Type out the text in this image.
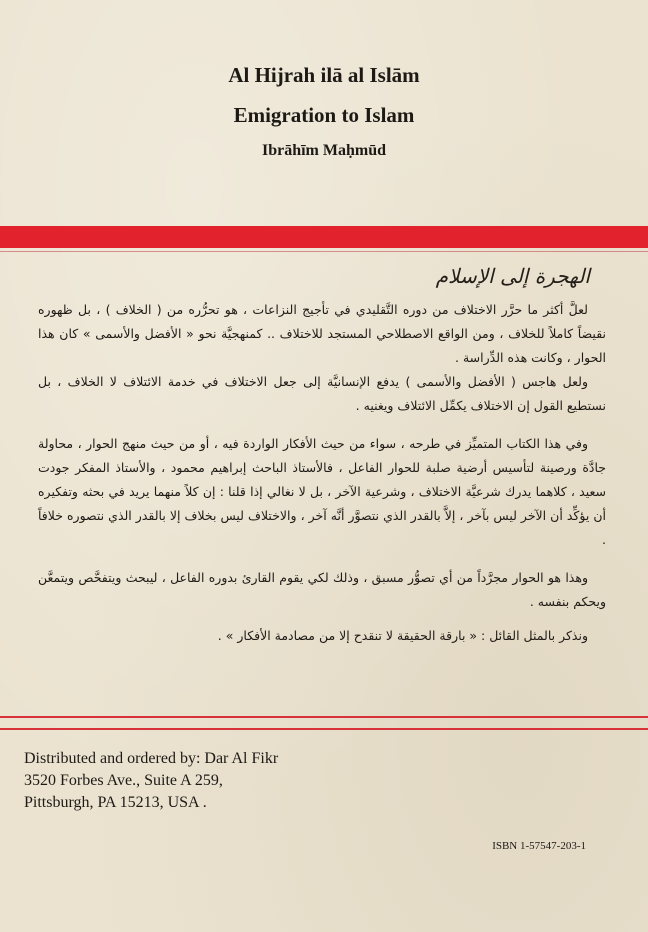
Al Hijrah ilā al Islām
Emigration to Islam
Ibrāhīm Maḥmūd
الهجرة إلى الإسلام

لعلَّ أكثر ما حرَّر الاختلاف من دوره التَّقليدي في تأجيج النزاعات ، هو تحرُّره من ( الخلاف ) ، بل ظهوره نقيضاً كاملاً للخلاف ، ومن الواقع الاصطلاحي المستجد للاختلاف .. كمنهجيَّة نحو « الأفضل والأسمى » كان هذا الحوار ، وكانت هذه الدِّراسة .

ولعل هاجس ( الأفضل والأسمى ) يدفع الإنسانيَّة إلى جعل الاختلاف في خدمة الائتلاف لا الخلاف ، بل نستطيع القول إن الاختلاف يكمِّل الائتلاف ويغنيه .

وفي هذا الكتاب المتميِّز في طرحه ، سواء من حيث الأفكار الواردة فيه ، أو من حيث منهج الحوار ، محاولة جادَّة ورصينة لتأسيس أرضية صلبة للحوار الفاعل ، فالأستاذ الباحث إبراهيم محمود ، والأستاذ المفكر جودت سعيد ، كلاهما يدرك شرعيَّة الاختلاف ، وشرعية الآخر ، بل لا نغالي إذا قلنا : إن كلاً منهما يريد في بحثه وتفكيره أن يؤكِّد أن الآخر ليس بآخر ، إلاَّ بالقدر الذي نتصوَّر أنَّه آخر ، والاختلاف ليس بخلاف إلا بالقدر الذي نتصوره خلافاً .

وهذا هو الحوار مجرَّداً من أي تصوُّر مسبق ، وذلك لكي يقوم القارئ بدوره الفاعل ، ليبحث ويتفحَّص ويتمعَّن ويحكم بنفسه .

ونذكر بالمثل القائل : « بارقة الحقيقة لا تنقدح إلا من مصادمة الأفكار » .

Distributed and ordered by: Dar Al Fikr
3520 Forbes Ave., Suite A 259,
Pittsburgh, PA 15213, USA .
ISBN 1-57547-203-1
